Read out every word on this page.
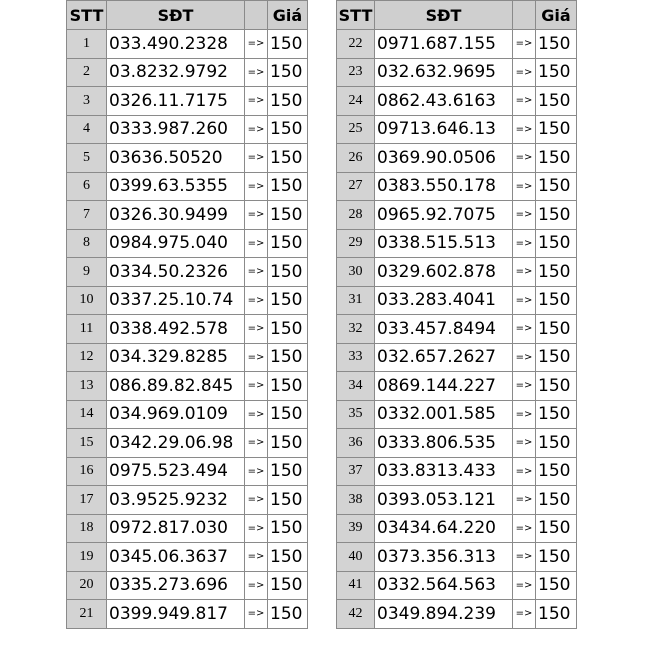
STT	SĐT		Giá
1	033.490.2328	=>	150
2	03.8232.9792	=>	150
3	0326.11.7175	=>	150
4	0333.987.260	=>	150
5	03636.50520	=>	150
6	0399.63.5355	=>	150
7	0326.30.9499	=>	150
8	0984.975.040	=>	150
9	0334.50.2326	=>	150
10	0337.25.10.74	=>	150
11	0338.492.578	=>	150
12	034.329.8285	=>	150
13	086.89.82.845	=>	150
14	034.969.0109	=>	150
15	0342.29.06.98	=>	150
16	0975.523.494	=>	150
17	03.9525.9232	=>	150
18	0972.817.030	=>	150
19	0345.06.3637	=>	150
20	0335.273.696	=>	150
21	0399.949.817	=>	150
STT	SĐT		Giá
22	0971.687.155	=>	150
23	032.632.9695	=>	150
24	0862.43.6163	=>	150
25	09713.646.13	=>	150
26	0369.90.0506	=>	150
27	0383.550.178	=>	150
28	0965.92.7075	=>	150
29	0338.515.513	=>	150
30	0329.602.878	=>	150
31	033.283.4041	=>	150
32	033.457.8494	=>	150
33	032.657.2627	=>	150
34	0869.144.227	=>	150
35	0332.001.585	=>	150
36	0333.806.535	=>	150
37	033.8313.433	=>	150
38	0393.053.121	=>	150
39	03434.64.220	=>	150
40	0373.356.313	=>	150
41	0332.564.563	=>	150
42	0349.894.239	=>	150
